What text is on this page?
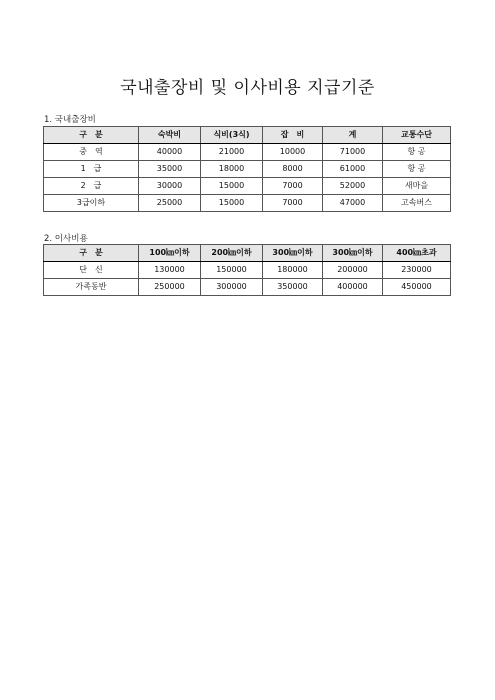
국내출장비 및 이사비용 지급기준
1. 국내출장비
구　분	숙박비	식비(3식)	잡　비	계	교통수단
중　역	40000	21000	10000	71000	항 공
1　급	35000	18000	8000	61000	항 공
2　급	30000	15000	7000	52000	새마을
3급이하	25000	15000	7000	47000	고속버스
2. 이사비용
구　분	100㎞이하	200㎞이하	300㎞이하	300㎞이하	400㎞초과
단　신	130000	150000	180000	200000	230000
가족동반	250000	300000	350000	400000	450000
